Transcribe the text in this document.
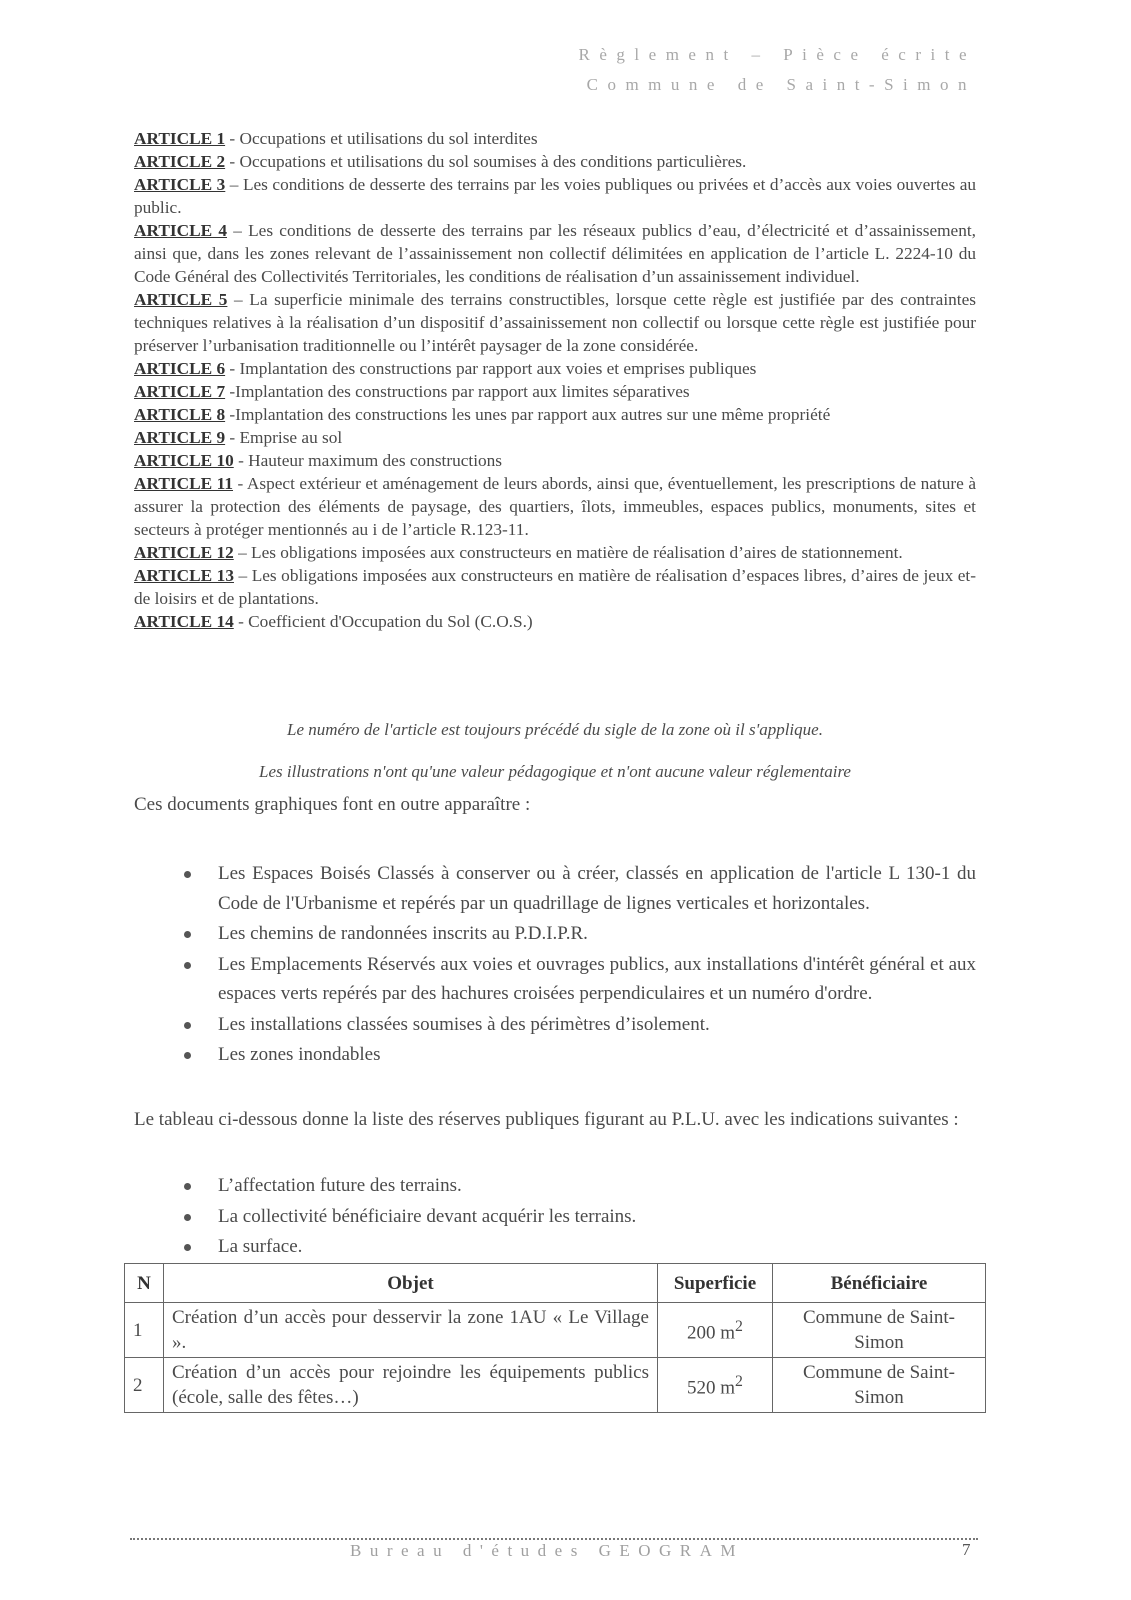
Règlement – Pièce écrite
Commune de Saint-Simon

ARTICLE 1 - Occupations et utilisations du sol interdites

ARTICLE 2 - Occupations et utilisations du sol soumises à des conditions particulières.

ARTICLE 3 – Les conditions de desserte des terrains par les voies publiques ou privées et d’accès aux voies ouvertes au public.

ARTICLE 4 – Les conditions de desserte des terrains par les réseaux publics d’eau, d’électricité et d’assainissement, ainsi que, dans les zones relevant de l’assainissement non collectif délimitées en application de l’article L. 2224-10 du Code Général des Collectivités Territoriales, les conditions de réalisation d’un assainissement individuel.

ARTICLE 5 – La superficie minimale des terrains constructibles, lorsque cette règle est justifiée par des contraintes techniques relatives à la réalisation d’un dispositif d’assainissement non collectif ou lorsque cette règle est justifiée pour préserver l’urbanisation traditionnelle ou l’intérêt paysager de la zone considérée.

ARTICLE 6 - Implantation des constructions par rapport aux voies et emprises publiques

ARTICLE 7 -Implantation des constructions par rapport aux limites séparatives

ARTICLE 8 -Implantation des constructions les unes par rapport aux autres sur une même propriété

ARTICLE 9 - Emprise au sol

ARTICLE 10 - Hauteur maximum des constructions

ARTICLE 11 - Aspect extérieur et aménagement de leurs abords, ainsi que, éventuellement, les prescriptions de nature à assurer la protection des éléments de paysage, des quartiers, îlots, immeubles, espaces publics, monuments, sites et secteurs à protéger mentionnés au i de l’article R.123-11.

ARTICLE 12 – Les obligations imposées aux constructeurs en matière de réalisation d’aires de stationnement.

ARTICLE 13 – Les obligations imposées aux constructeurs en matière de réalisation d’espaces libres, d’aires de jeux et- de loisirs et de plantations.

ARTICLE 14 - Coefficient d'Occupation du Sol (C.O.S.)

Le numéro de l'article est toujours précédé du sigle de la zone où il s'applique.
Les illustrations n'ont qu'une valeur pédagogique et n'ont aucune valeur réglementaire
Ces documents graphiques font en outre apparaître :
Les Espaces Boisés Classés à conserver ou à créer, classés en application de l'article L 130-1 du Code de l'Urbanisme et repérés par un quadrillage de lignes verticales et horizontales.
Les chemins de randonnées inscrits au P.D.I.P.R.
Les Emplacements Réservés aux voies et ouvrages publics, aux installations d'intérêt général et aux espaces verts repérés par des hachures croisées perpendiculaires et un numéro d'ordre.
Les installations classées soumises à des périmètres d’isolement.
Les zones inondables
Le tableau ci-dessous donne la liste des réserves publiques figurant au P.L.U. avec les indications suivantes :
L’affectation future des terrains.
La collectivité bénéficiaire devant acquérir les terrains.
La surface.
N	Objet	Superficie	Bénéficiaire
1	Création d’un accès pour desservir la zone 1AU « Le Village ».	200 $m^2$	Commune de Saint-Simon
2	Création d’un accès pour rejoindre les équipements publics (école, salle des fêtes…)	520 $m^2$	Commune de Saint-Simon
Bureau d'études GEOGRAM	7
